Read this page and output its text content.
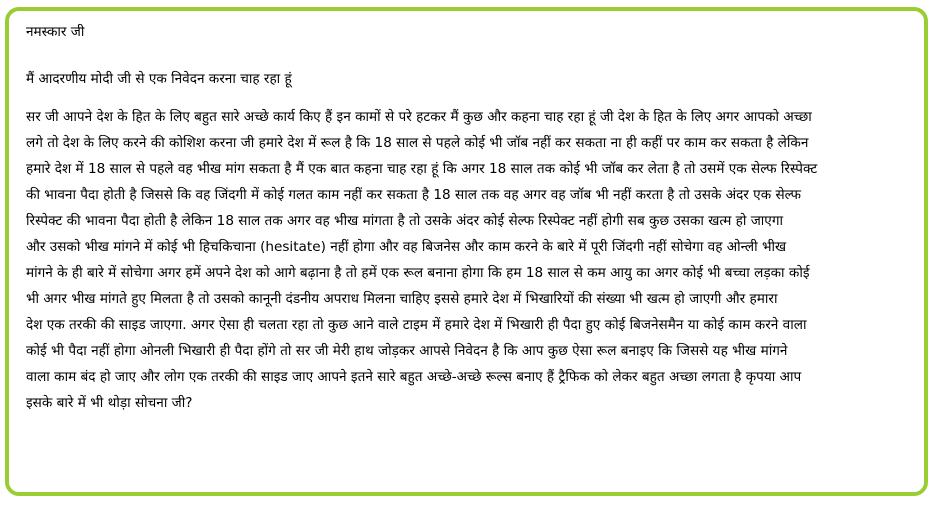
नमस्कार जी

मैं आदरणीय मोदी जी से एक निवेदन करना चाह रहा हूं

सर जी आपने देश के हित के लिए बहुत सारे अच्छे कार्य किए हैं इन कामों से परे हटकर मैं कुछ और कहना चाह रहा हूं जी देश के हित के लिए अगर आपको अच्छा

लगे तो देश के लिए करने की कोशिश करना जी हमारे देश में रूल है कि 18 साल से पहले कोई भी जॉब नहीं कर सकता ना ही कहीं पर काम कर सकता है लेकिन

हमारे देश में 18 साल से पहले वह भीख मांग सकता है मैं एक बात कहना चाह रहा हूं कि अगर 18 साल तक कोई भी जॉब कर लेता है तो उसमें एक सेल्फ रिस्पेक्ट

की भावना पैदा होती है जिससे कि वह जिंदगी में कोई गलत काम नहीं कर सकता है 18 साल तक वह अगर वह जॉब भी नहीं करता है तो उसके अंदर एक सेल्फ

रिस्पेक्ट की भावना पैदा होती है लेकिन 18 साल तक अगर वह भीख मांगता है तो उसके अंदर कोई सेल्फ रिस्पेक्ट नहीं होगी सब कुछ उसका खत्म हो जाएगा

और उसको भीख मांगने में कोई भी हिचकिचाना (hesitate) नहीं होगा और वह बिजनेस और काम करने के बारे में पूरी जिंदगी नहीं सोचेगा वह ओन्ली भीख

मांगने के ही बारे में सोचेगा अगर हमें अपने देश को आगे बढ़ाना है तो हमें एक रूल बनाना होगा कि हम 18 साल से कम आयु का अगर कोई भी बच्चा लड़का कोई

भी अगर भीख मांगते हुए मिलता है तो उसको कानूनी दंडनीय अपराध मिलना चाहिए इससे हमारे देश में भिखारियों की संख्या भी खत्म हो जाएगी और हमारा

देश एक तरकी की साइड जाएगा. अगर ऐसा ही चलता रहा तो कुछ आने वाले टाइम में हमारे देश में भिखारी ही पैदा हुए कोई बिजनेसमैन या कोई काम करने वाला

कोई भी पैदा नहीं होगा ओनली भिखारी ही पैदा होंगे तो सर जी मेरी हाथ जोड़कर आपसे निवेदन है कि आप कुछ ऐसा रूल बनाइए कि जिससे यह भीख मांगने

वाला काम बंद हो जाए और लोग एक तरकी की साइड जाए आपने इतने सारे बहुत अच्छे-अच्छे रूल्स बनाए हैं ट्रैफिक को लेकर बहुत अच्छा लगता है कृपया आप

इसके बारे में भी थोड़ा सोचना जी?
